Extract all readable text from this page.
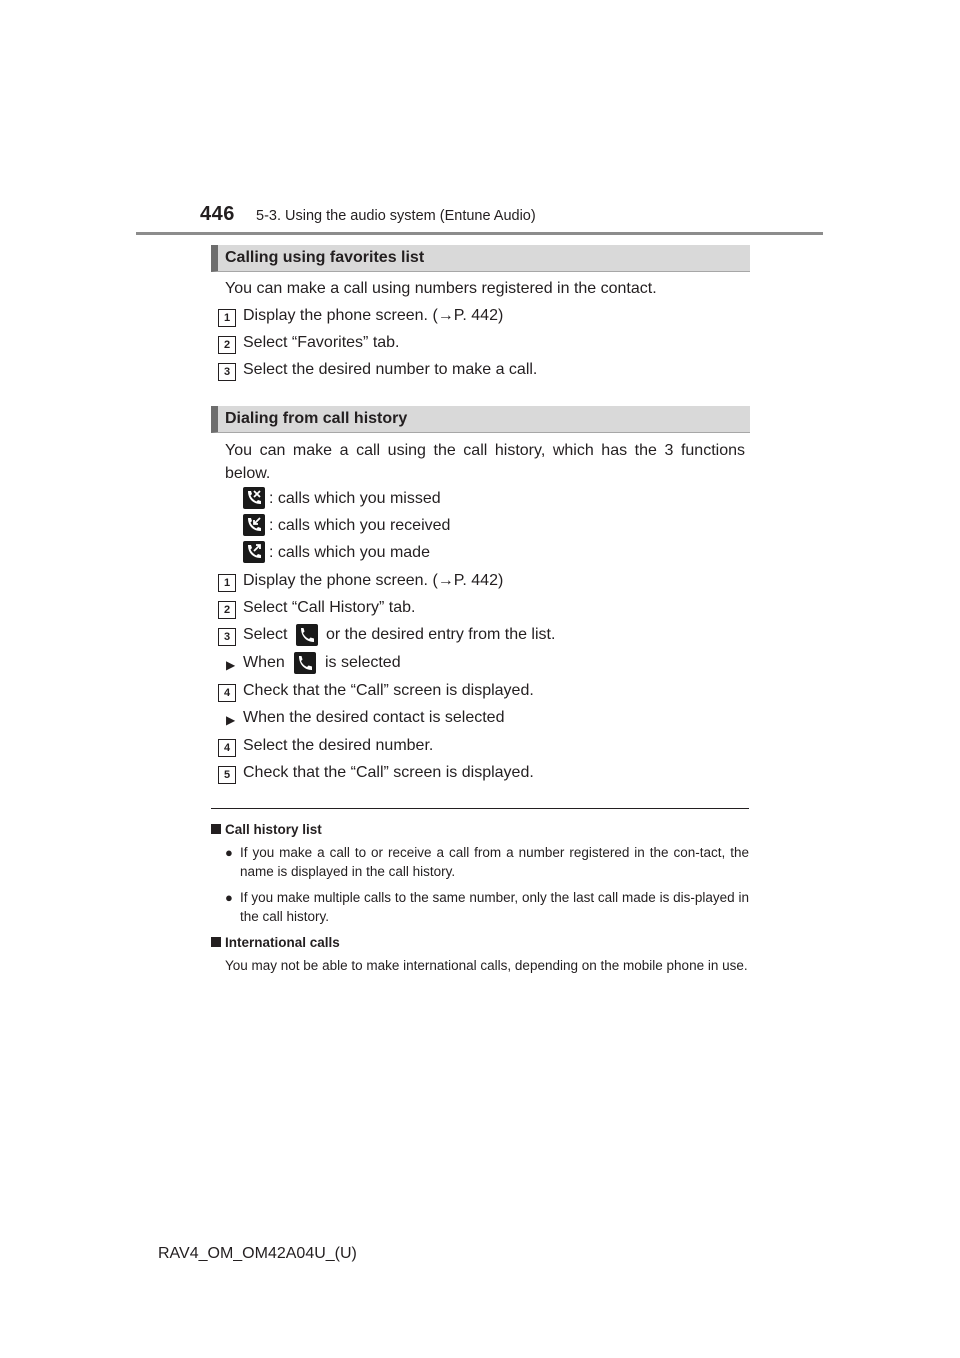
446 5-3. Using the audio system (Entune Audio)
Calling using favorites list
You can make a call using numbers registered in the contact.
1 Display the phone screen. (→P. 442)
2 Select “Favorites” tab.
3 Select the desired number to make a call.
Dialing from call history
You can make a call using the call history, which has the 3 functions below.
: calls which you missed
: calls which you received
: calls which you made
1 Display the phone screen. (→P. 442)
2 Select “Call History” tab.
3 Select or the desired entry from the list.
▶ When	is selected
4 Check that the “Call” screen is displayed.
▶ When the desired contact is selected
4 Select the desired number.
5 Check that the “Call” screen is displayed.
Call history list
● If you make a call to or receive a call from a number registered in the con-tact, the name is displayed in the call history.
● If you make multiple calls to the same number, only the last call made is dis-played in the call history.
International calls
You may not be able to make international calls, depending on the mobile phone in use.
RAV4_OM_OM42A04U_(U)
